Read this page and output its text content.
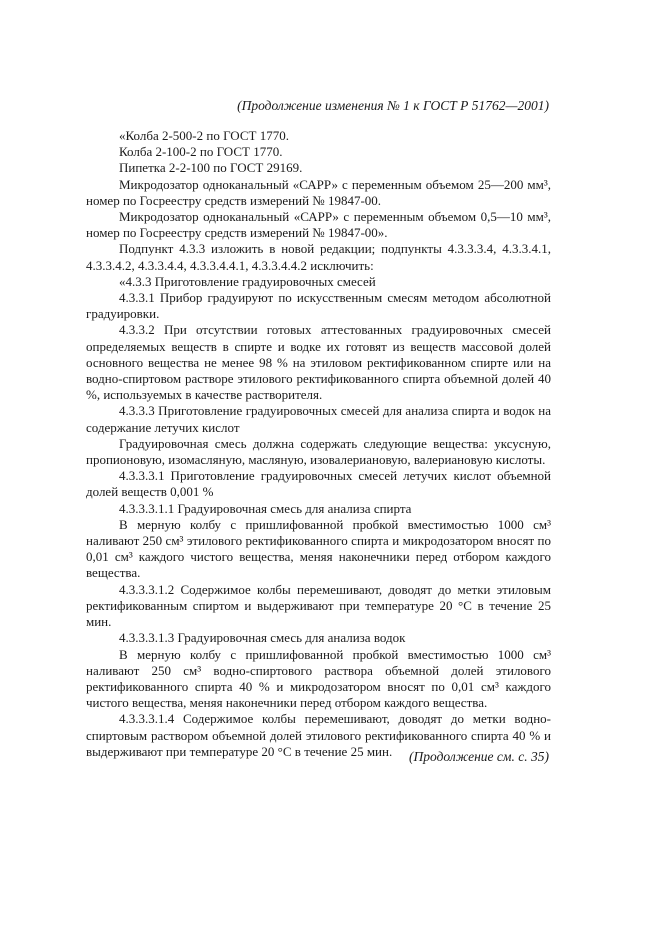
(Продолжение изменения № 1 к ГОСТ Р 51762—2001)

«Колба 2-500-2 по ГОСТ 1770.

Колба 2-100-2 по ГОСТ 1770.

Пипетка 2-2-100 по ГОСТ 29169.

Микродозатор одноканальный «САРР» с переменным объемом 25—200 мм³, номер по Госреестру средств измерений № 19847-00.

Микродозатор одноканальный «САРР» с переменным объемом 0,5—10 мм³, номер по Госреестру средств измерений № 19847-00».

Подпункт 4.3.3 изложить в новой редакции; подпункты 4.3.3.3.4, 4.3.3.4.1, 4.3.3.4.2, 4.3.3.4.4, 4.3.3.4.4.1, 4.3.3.4.4.2 исключить:

«4.3.3 Приготовление градуировочных смесей

4.3.3.1 Прибор градуируют по искусственным смесям методом абсолютной градуировки.

4.3.3.2 При отсутствии готовых аттестованных градуировочных смесей определяемых веществ в спирте и водке их готовят из веществ массовой долей основного вещества не менее 98 % на этиловом ректификованном спирте или на водно-спиртовом растворе этилового ректификованного спирта объемной долей 40 %, используемых в качестве растворителя.

4.3.3.3 Приготовление градуировочных смесей для анализа спирта и водок на содержание летучих кислот

Градуировочная смесь должна содержать следующие вещества: уксусную, пропионовую, изомасляную, масляную, изовалериановую, валериановую кислоты.

4.3.3.3.1 Приготовление градуировочных смесей летучих кислот объемной долей веществ 0,001 %

4.3.3.3.1.1 Градуировочная смесь для анализа спирта

В мерную колбу с пришлифованной пробкой вместимостью 1000 см³ наливают 250 см³ этилового ректификованного спирта и микродозатором вносят по 0,01 см³ каждого чистого вещества, меняя наконечники перед отбором каждого вещества.

4.3.3.3.1.2 Содержимое колбы перемешивают, доводят до метки этиловым ректификованным спиртом и выдерживают при температуре 20 °С в течение 25 мин.

4.3.3.3.1.3 Градуировочная смесь для анализа водок

В мерную колбу с пришлифованной пробкой вместимостью 1000 см³ наливают 250 см³ водно-спиртового раствора объемной долей этилового ректификованного спирта 40 % и микродозатором вносят по 0,01 см³ каждого чистого вещества, меняя наконечники перед отбором каждого вещества.

4.3.3.3.1.4 Содержимое колбы перемешивают, доводят до метки водно-спиртовым раствором объемной долей этилового ректификованного спирта 40 % и выдерживают при температуре 20 °С в течение 25 мин.	(Продолжение см. с. 35)
